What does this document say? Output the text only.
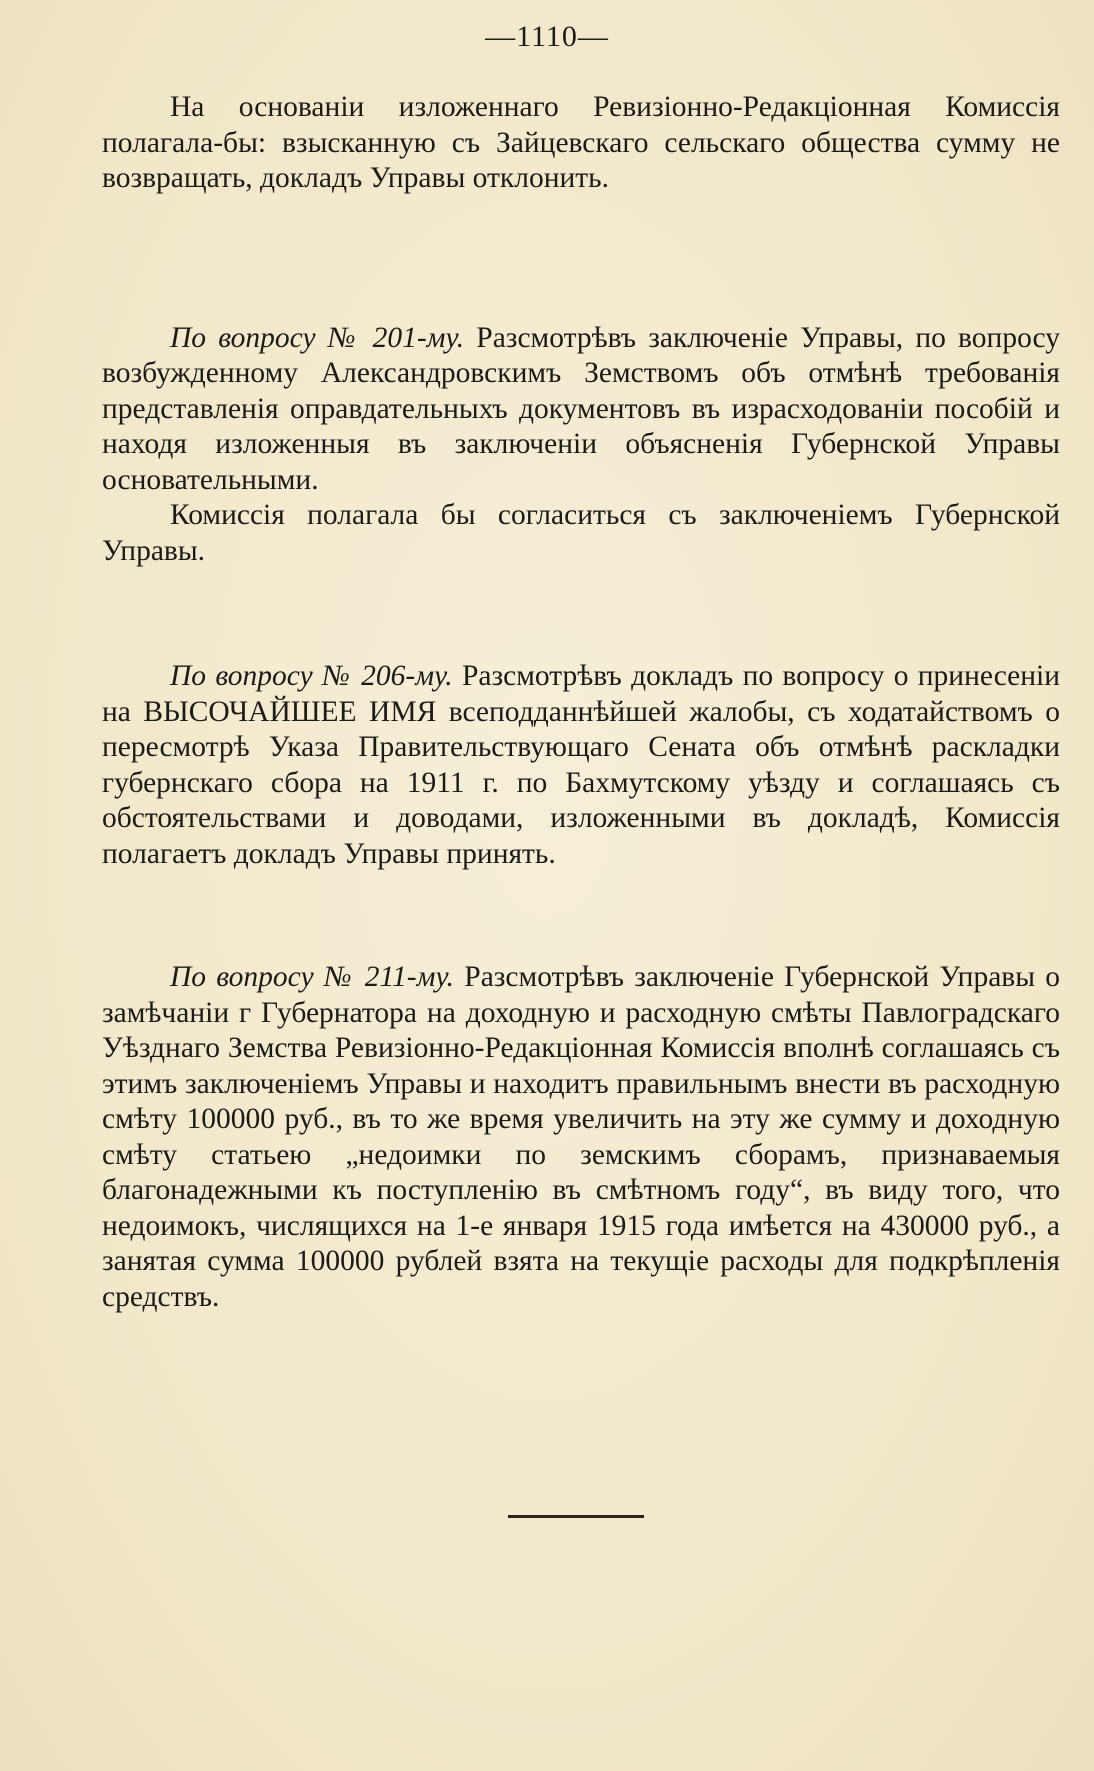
—1110—

На основанiи изложеннаго Ревизiонно-Редакцiонная Комиссiя полагала-бы: взысканную съ Зайцевскаго сельскаго общества сумму не возвращать, докладъ Управы отклонить.

По вопросу № 201-му. Разсмотрѣвъ заключенiе Управы, по вопросу возбужденному Александровскимъ Земствомъ объ отмѣнѣ требованiя представленiя оправдательныхъ документовъ въ израсходованiи пособiй и находя изложенныя въ заключенiи объясненiя Губернской Управы основательными.

Комиссiя полагала бы согласиться съ заключенiемъ Губернской Управы.

По вопросу № 206-му. Разсмотрѣвъ докладъ по вопросу о принесенiи на ВЫСОЧАЙШЕЕ ИМЯ всеподданнѣйшей жалобы, съ ходатайствомъ о пересмотрѣ Указа Правительствующаго Сената объ отмѣнѣ раскладки губернскаго сбора на 1911 г. по Бахмутскому уѣзду и соглашаясь съ обстоятельствами и доводами, изложенными въ докладѣ, Комиссiя полагаетъ докладъ Управы принять.

По вопросу № 211-му. Разсмотрѣвъ заключенiе Губернской Управы о замѣчанiи г Губернатора на доходную и расходную смѣты Павлоградскаго Уѣзднаго Земства Ревизiонно-Редакцiонная Комиссiя вполнѣ соглашаясь съ этимъ заключенiемъ Управы и находитъ правильнымъ внести въ расходную смѣту 100000 руб., въ то же время увеличить на эту же сумму и доходную смѣту статьею „недоимки по земскимъ сборамъ, признаваемыя благонадежными къ поступленiю въ смѣтномъ году“, въ виду того, что недоимокъ, числящихся на 1-е января 1915 года имѣется на 430000 руб., а занятая сумма 100000 рублей взята на текущiе расходы для подкрѣпленiя средствъ.
